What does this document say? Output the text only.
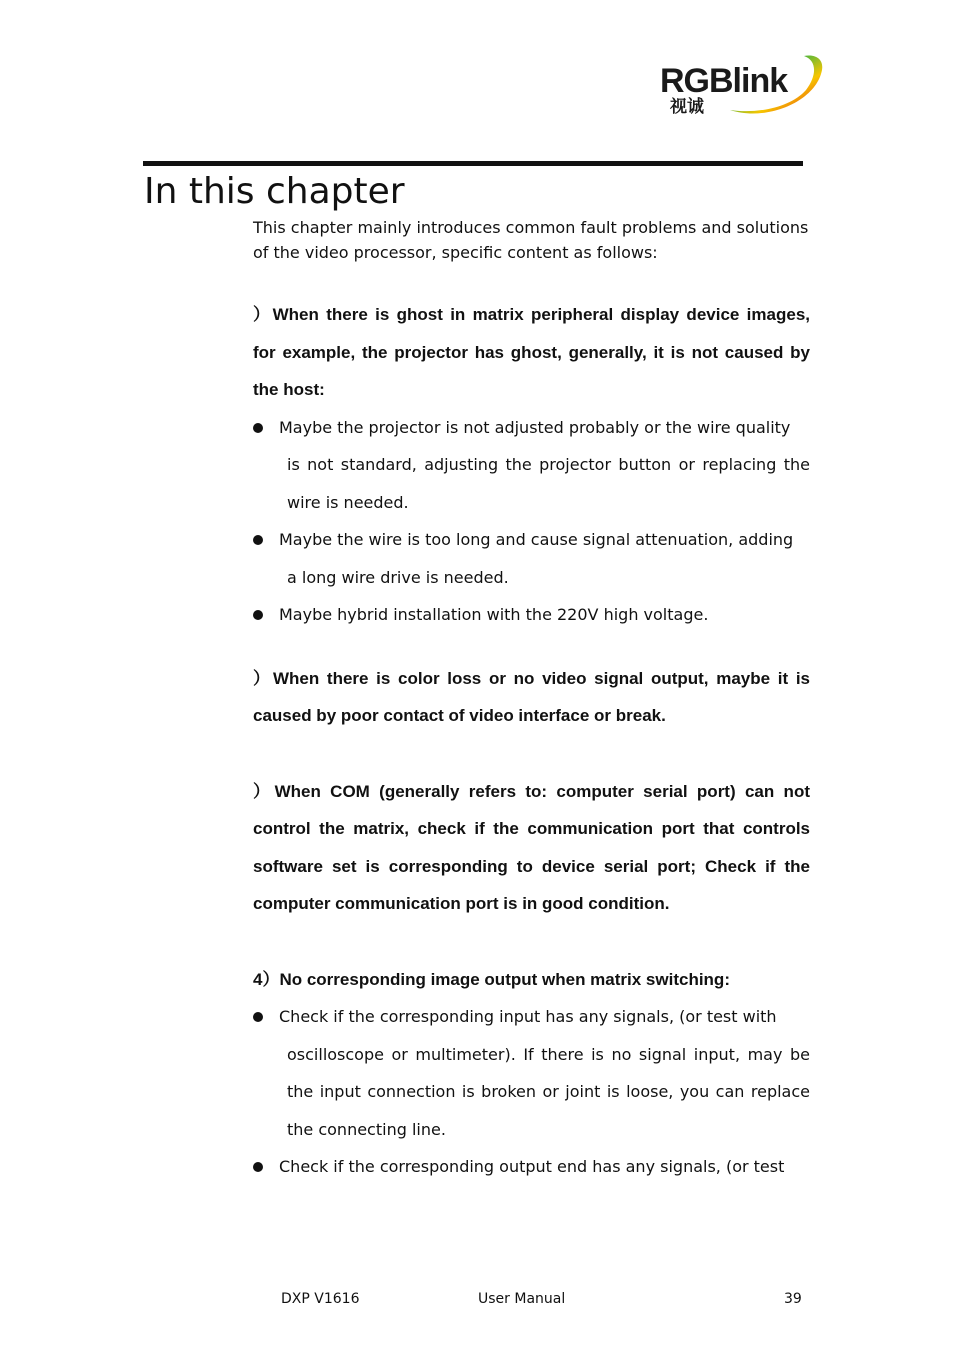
RGBlink
视诚
In this chapter

This chapter mainly introduces common fault problems and solutions of the video processor, specific content as follows:

）When there is ghost in matrix peripheral display device images, for example, the projector has ghost, generally, it is not caused by the host:

Maybe the projector is not adjusted probably or the wire quality
is not standard, adjusting the projector button or replacing the wire is needed.
Maybe the wire is too long and cause signal attenuation, adding
a long wire drive is needed.
Maybe hybrid installation with the 220V high voltage.

）When there is color loss or no video signal output, maybe it is caused by poor contact of video interface or break.

）When COM (generally refers to: computer serial port) can not control the matrix, check if the communication port that controls software set is corresponding to device serial port; Check if the computer communication port is in good condition.

4）No corresponding image output when matrix switching:

Check if the corresponding input has any signals, (or test with
oscilloscope or multimeter). If there is no signal input, may be the input connection is broken or joint is loose, you can replace the connecting line.
Check if the corresponding output end has any signals, (or test
DXP V1616	User Manual	39
